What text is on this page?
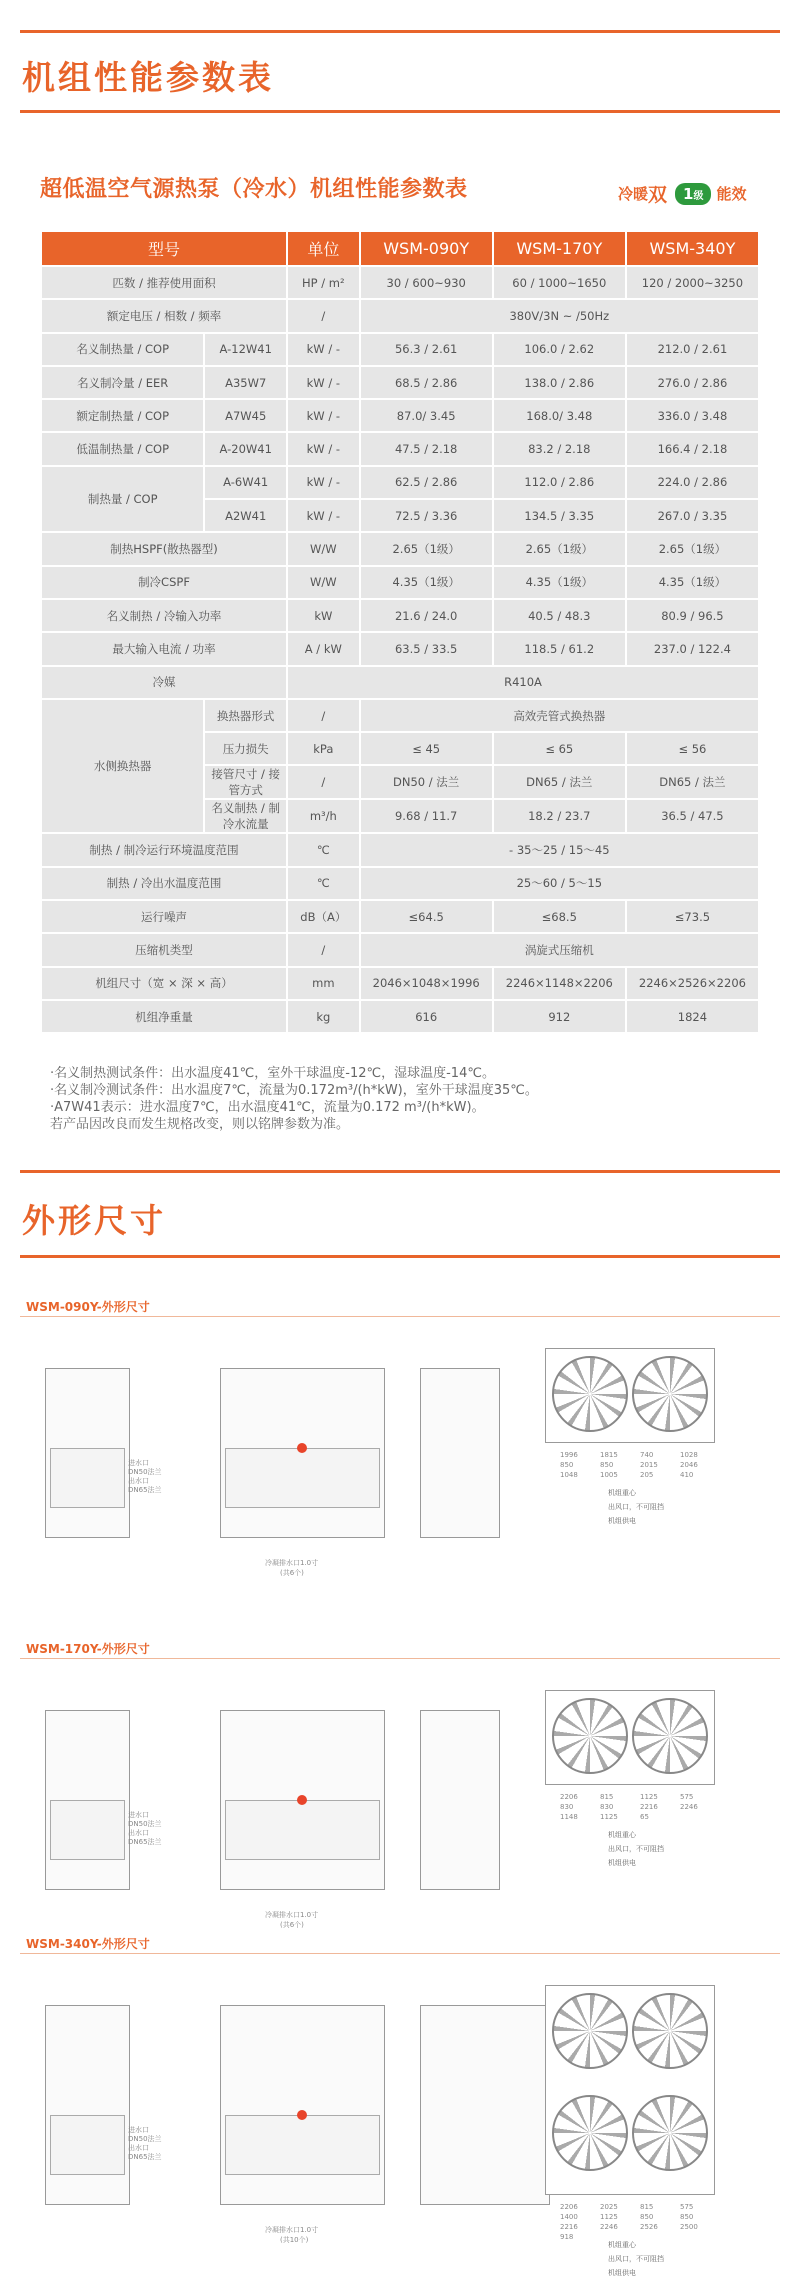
机组性能参数表
超低温空气源热泵（冷水）机组性能参数表	冷暖 双	1级 能效
型号		单位	WSM-090Y	WSM-170Y	WSM-340Y
匹数 / 推荐使用面积		HP / m²	30 / 600~930	60 / 1000~1650	120 / 2000~3250
额定电压 / 相数 / 频率		/	380V/3N ~ /50Hz		
名义制热量 / COP	A-12W41	kW / -	56.3 / 2.61	106.0 / 2.62	212.0 / 2.61
名义制冷量 / EER	A35W7	kW / -	68.5 / 2.86	138.0 / 2.86	276.0 / 2.86
额定制热量 / COP	A7W45	kW / -	87.0/ 3.45	168.0/ 3.48	336.0 / 3.48
低温制热量 / COP	A-20W41	kW / -	47.5 / 2.18	83.2 / 2.18	166.4 / 2.18
制热量 / COP	A-6W41	kW / -	62.5 / 2.86	112.0 / 2.86	224.0 / 2.86
	A2W41	kW / -	72.5 / 3.36	134.5 / 3.35	267.0 / 3.35
制热HSPF(散热器型)		W/W	2.65（1级）	2.65（1级）	2.65（1级）
制冷CSPF		W/W	4.35（1级）	4.35（1级）	4.35（1级）
名义制热 / 冷输入功率		kW	21.6 / 24.0	40.5 / 48.3	80.9 / 96.5
最大输入电流 / 功率		A / kW	63.5 / 33.5	118.5 / 61.2	237.0 / 122.4
冷媒		R410A			
水侧换热器	换热器形式	/	高效壳管式换热器		
	压力损失	kPa	≤ 45	≤ 65	≤ 56
	接管尺寸 / 接管方式	/	DN50 / 法兰	DN65 / 法兰	DN65 / 法兰
	名义制热 / 制冷水流量	m³/h	9.68 / 11.7	18.2 / 23.7	36.5 / 47.5
制热 / 制冷运行环境温度范围		℃	- 35～25 / 15～45		
制热 / 冷出水温度范围		℃	25～60 / 5～15		
运行噪声		dB（A）	≤64.5	≤68.5	≤73.5
压缩机类型		/	涡旋式压缩机		
机组尺寸（宽 × 深 × 高）		mm	2046×1048×1996	2246×1148×2206	2246×2526×2206
机组净重量		kg	616	912	1824
·名义制热测试条件：出水温度41℃，室外干球温度-12℃，湿球温度-14℃。
·名义制冷测试条件：出水温度7℃，流量为0.172m³/(h*kW)，室外干球温度35℃。
·A7W41表示：进水温度7℃，出水温度41℃，流量为0.172 m³/(h*kW)。
若产品因改良而发生规格改变，则以铭牌参数为准。
外形尺寸
WSM-090Y-外形尺寸
冷凝排水口1.0寸
(共6个)
1996	1815	740	1028
850	850	2015	2046
1048	1005	205	410
机组重心
出风口，不可阻挡
机组供电
进水口
DN50法兰
出水口
DN65法兰
WSM-170Y-外形尺寸
冷凝排水口1.0寸
(共6个)
2206	815	1125	575
830	830	2216	2246
1148	1125	65
机组重心
出风口，不可阻挡
机组供电
进水口
DN50法兰
出水口
DN65法兰
WSM-340Y-外形尺寸
冷凝排水口1.0寸
(共10个)
2206	2025	815	575
1400	1125	850	850
2216	2246	2526	2500
918
机组重心
出风口，不可阻挡
机组供电
进水口
DN50法兰
出水口
DN65法兰
